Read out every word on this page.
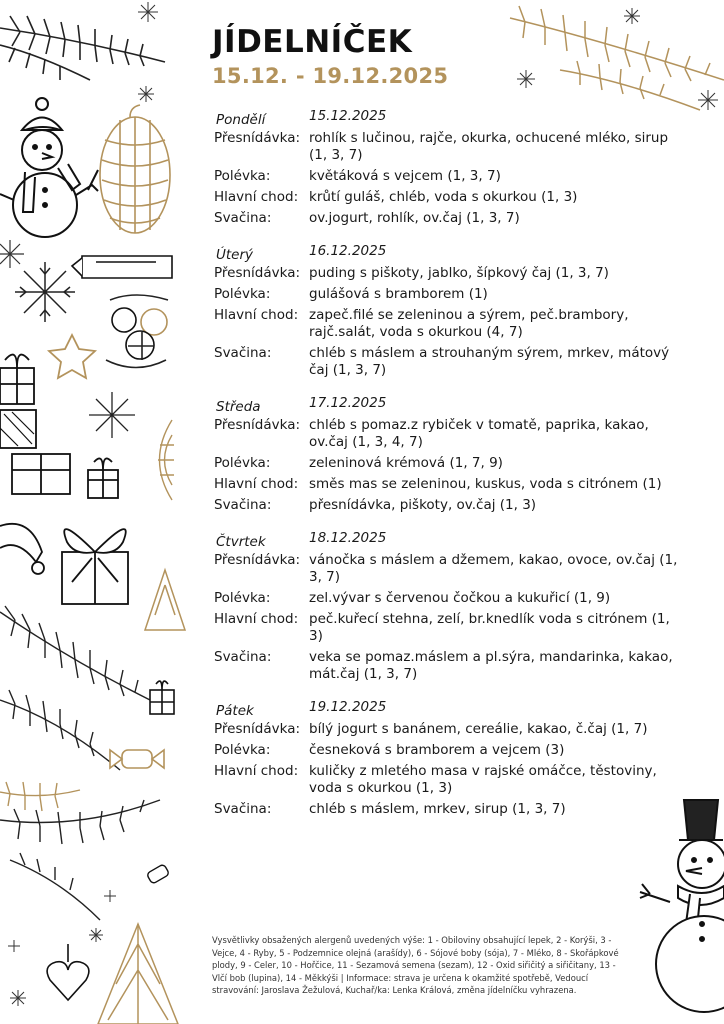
JÍDELNÍČEK
15.12. - 19.12.2025
Pondělí	15.12.2025
Přesnídávka: rohlík s lučinou, rajče, okurka, ochucené mléko, sirup (1, 3, 7)
Polévka:	květáková s vejcem (1, 3, 7)
Hlavní chod: krůtí guláš, chléb, voda s okurkou (1, 3)
Svačina:	ov.jogurt, rohlík, ov.čaj (1, 3, 7)
Úterý	16.12.2025
Přesnídávka: puding s piškoty, jablko, šípkový čaj (1, 3, 7)
Polévka:	gulášová s bramborem (1)
Hlavní chod: zapeč.filé se zeleninou a sýrem, peč.brambory, rajč.salát, voda s okurkou (4, 7)
Svačina:	chléb s máslem a strouhaným sýrem, mrkev, mátový čaj (1, 3, 7)
Středa	17.12.2025
Přesnídávka: chléb s pomaz.z rybiček v tomatě, paprika, kakao, ov.čaj (1, 3, 4, 7)
Polévka:	zeleninová krémová (1, 7, 9)
Hlavní chod: směs mas se zeleninou, kuskus, voda s citrónem (1)
Svačina:	přesnídávka, piškoty, ov.čaj (1, 3)
Čtvrtek	18.12.2025
Přesnídávka: vánočka s máslem a džemem, kakao, ovoce, ov.čaj (1, 3, 7)
Polévka:	zel.vývar s červenou čočkou a kukuřicí (1, 9)
Hlavní chod: peč.kuřecí stehna, zelí, br.knedlík voda s citrónem (1, 3)
Svačina:	veka se pomaz.máslem a pl.sýra, mandarinka, kakao, mát.čaj (1, 3, 7)
Pátek	19.12.2025
Přesnídávka: bílý jogurt s banánem, cereálie, kakao, č.čaj (1, 7)
Polévka:	česneková s bramborem a vejcem (3)
Hlavní chod: kuličky z mletého masa v rajské omáčce, těstoviny, voda s okurkou (1, 3)
Svačina:	chléb s máslem, mrkev, sirup (1, 3, 7)
Vysvětlivky obsažených alergenů uvedených výše: 1 - Obiloviny obsahující lepek, 2 - Korýši, 3 - Vejce, 4 - Ryby, 5 - Podzemnice olejná (arašídy), 6 - Sójové boby (sója), 7 - Mléko, 8 - Skořápkové plody, 9 - Celer, 10 - Hořčice, 11 - Sezamová semena (sezam), 12 - Oxid siřičitý a siřičitany, 13 - Vlčí bob (lupina), 14 - Měkkýši | Informace: strava je určena k okamžité spotřebě, Vedoucí stravování: Jaroslava Žežulová, Kuchař/ka: Lenka Králová, změna jídelníčku vyhrazena.
